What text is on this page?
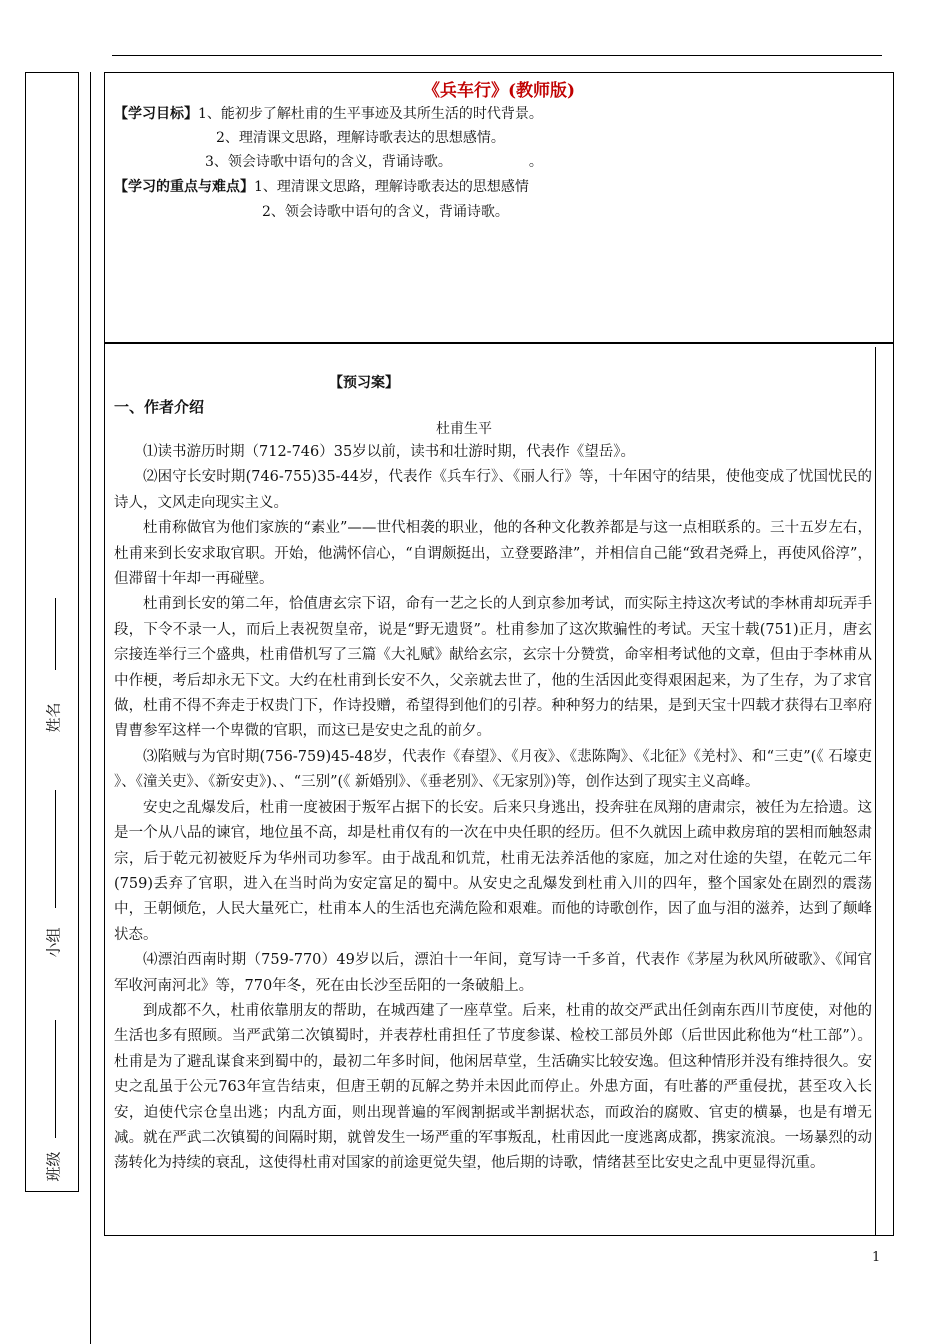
姓名
小组
班级
《兵车行》(教师版)
【学习目标】1、能初步了解杜甫的生平事迹及其所生活的时代背景。
2、理清课文思路，理解诗歌表达的思想感情。
3、领会诗歌中语句的含义，背诵诗歌。	。
【学习的重点与难点】1、理清课文思路，理解诗歌表达的思想感情
2、领会诗歌中语句的含义，背诵诗歌。
【预习案】
一、作者介绍
杜甫生平

⑴读书游历时期（712-746）35岁以前，读书和壮游时期，代表作《望岳》。

⑵困守长安时期(746-755)35-44岁，代表作《兵车行》、《丽人行》等，十年困守的结果，使他变成了忧国忧民的诗人，文风走向现实主义。

杜甫称做官为他们家族的“素业”——世代相袭的职业，他的各种文化教养都是与这一点相联系的。三十五岁左右，杜甫来到长安求取官职。开始，他满怀信心，“自谓颇挺出，立登要路津”，并相信自己能“致君尧舜上，再使风俗淳”，但滞留十年却一再碰壁。

杜甫到长安的第二年，恰值唐玄宗下诏，命有一艺之长的人到京参加考试，而实际主持这次考试的李林甫却玩弄手段，下令不录一人，而后上表祝贺皇帝，说是“野无遗贤”。杜甫参加了这次欺骗性的考试。天宝十载(751)正月，唐玄宗接连举行三个盛典，杜甫借机写了三篇《大礼赋》献给玄宗，玄宗十分赞赏，命宰相考试他的文章，但由于李林甫从中作梗，考后却永无下文。大约在杜甫到长安不久，父亲就去世了，他的生活因此变得艰困起来，为了生存，为了求官做，杜甫不得不奔走于权贵门下，作诗投赠，希望得到他们的引荐。种种努力的结果，是到天宝十四载才获得右卫率府胄曹参军这样一个卑微的官职，而这已是安史之乱的前夕。

⑶陷贼与为官时期(756-759)45-48岁，代表作《春望》、《月夜》、《悲陈陶》、《北征》《羌村》、和“三吏”(《 石壕吏 》、《潼关吏》、《新安吏》)、、“三别”(《 新婚别》、《垂老别》、《无家别》)等，创作达到了现实主义高峰。

安史之乱爆发后，杜甫一度被困于叛军占据下的长安。后来只身逃出，投奔驻在凤翔的唐肃宗，被任为左拾遗。这是一个从八品的谏官，地位虽不高，却是杜甫仅有的一次在中央任职的经历。但不久就因上疏申救房琯的罢相而触怒肃宗，后于乾元初被贬斥为华州司功参军。由于战乱和饥荒，杜甫无法养活他的家庭，加之对仕途的失望，在乾元二年(759)丢弃了官职，进入在当时尚为安定富足的蜀中。从安史之乱爆发到杜甫入川的四年，整个国家处在剧烈的震荡中，王朝倾危，人民大量死亡，杜甫本人的生活也充满危险和艰难。而他的诗歌创作，因了血与泪的滋养，达到了颠峰状态。

⑷漂泊西南时期（759-770）49岁以后，漂泊十一年间，竟写诗一千多首，代表作《茅屋为秋风所破歌》、《闻官军收河南河北》等，770年冬，死在由长沙至岳阳的一条破船上。

到成都不久，杜甫依靠朋友的帮助，在城西建了一座草堂。后来，杜甫的故交严武出任剑南东西川节度使，对他的生活也多有照顾。当严武第二次镇蜀时，并表荐杜甫担任了节度参谋、检校工部员外郎（后世因此称他为“杜工部”）。杜甫是为了避乱谋食来到蜀中的，最初二年多时间，他闲居草堂，生活确实比较安逸。但这种情形并没有维持很久。安史之乱虽于公元763年宣告结束，但唐王朝的瓦解之势并未因此而停止。外患方面，有吐蕃的严重侵扰，甚至攻入长安，迫使代宗仓皇出逃；内乱方面，则出现普遍的军阀割据或半割据状态，而政治的腐败、官吏的横暴，也是有增无减。就在严武二次镇蜀的间隔时期，就曾发生一场严重的军事叛乱，杜甫因此一度逃离成都，携家流浪。一场暴烈的动荡转化为持续的衰乱，这使得杜甫对国家的前途更觉失望，他后期的诗歌，情绪甚至比安史之乱中更显得沉重。

1
